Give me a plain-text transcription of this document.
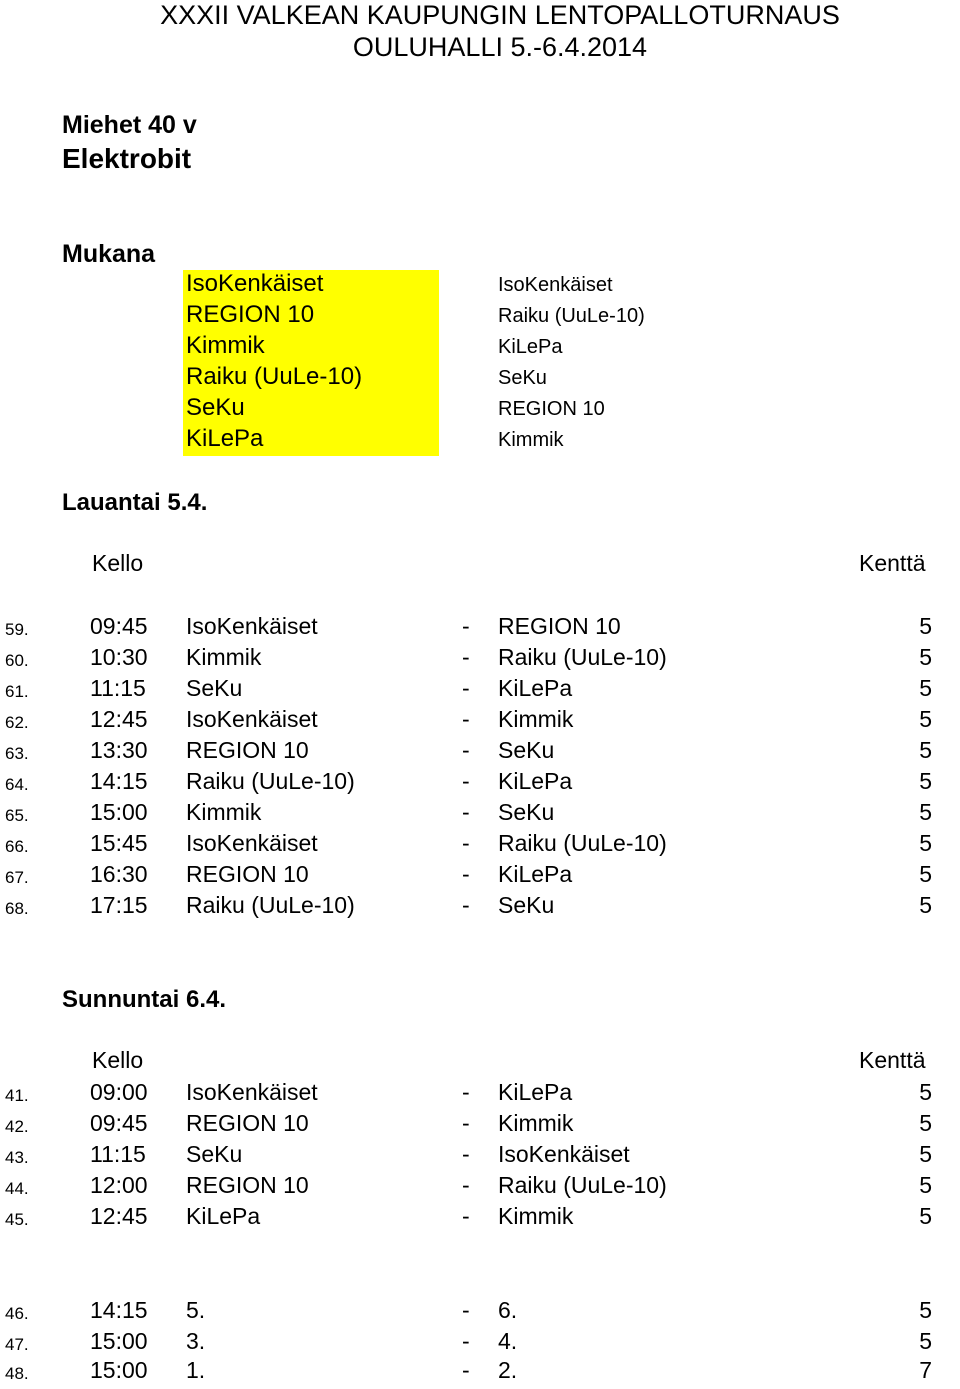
XXXII VALKEAN KAUPUNGIN LENTOPALLOTURNAUS
OULUHALLI 5.-6.4.2014
Miehet 40 v
Elektrobit
Mukana
IsoKenkäiset
REGION 10
Kimmik
Raiku (UuLe-10)
SeKu
KiLePa
IsoKenkäiset
Raiku (UuLe-10)
KiLePa
SeKu
REGION 10
Kimmik
Lauantai 5.4.
Kello	Kenttä
59.	09:45 IsoKenkäiset	- REGION 10	5
60.	10:30 Kimmik	- Raiku (UuLe-10)	5
61.	11:15 SeKu	- KiLePa	5
62.	12:45 IsoKenkäiset	- Kimmik	5
63.	13:30 REGION 10	- SeKu	5
64.	14:15 Raiku (UuLe-10)	- KiLePa	5
65.	15:00 Kimmik	- SeKu	5
66.	15:45 IsoKenkäiset	- Raiku (UuLe-10)	5
67.	16:30 REGION 10	- KiLePa	5
68.	17:15 Raiku (UuLe-10)	- SeKu	5
Sunnuntai 6.4.
Kello	Kenttä
41.	09:00 IsoKenkäiset	- KiLePa	5
42.	09:45 REGION 10	- Kimmik	5
43.	11:15 SeKu	- IsoKenkäiset	5
44.	12:00 REGION 10	- Raiku (UuLe-10)	5
45.	12:45 KiLePa	- Kimmik	5
46.	14:15 5.	- 6.	5
47.	15:00 3.	- 4.	5
48.	15:00 1.	- 2.	7
